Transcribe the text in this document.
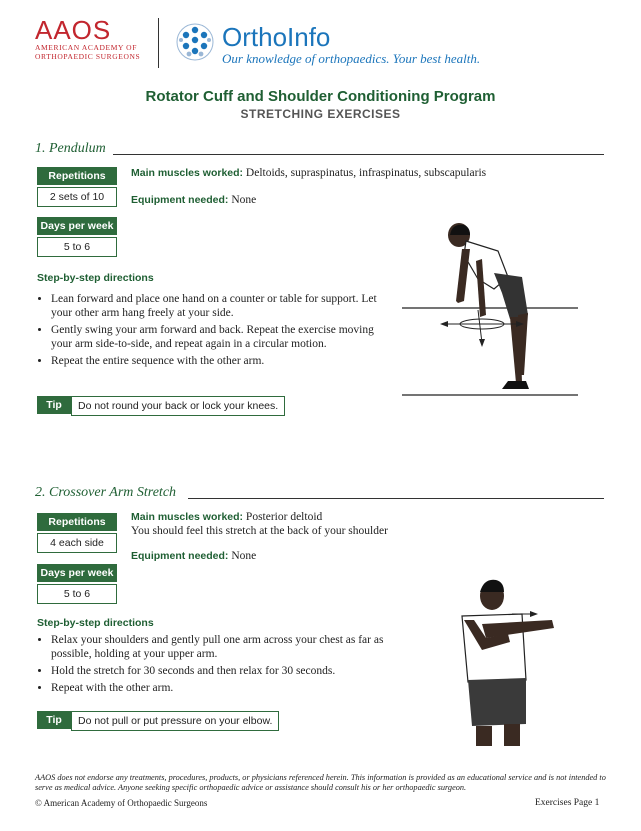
AAOS
AMERICAN ACADEMY OF
ORTHOPAEDIC SURGEONS
OrthoInfo
Our knowledge of orthopaedics. Your best health.
Rotator Cuff and Shoulder Conditioning Program
STRETCHING EXERCISES
1. Pendulum
Repetitions
2 sets of 10
Days per week
5 to 6
Main muscles worked: Deltoids, supraspinatus, infraspinatus, subscapularis
Equipment needed: None
Step-by-step directions
• Lean forward and place one hand on a counter or table for support. Let your other arm hang freely at your side.
• Gently swing your arm forward and back. Repeat the exercise moving your arm side-to-side, and repeat again in a circular motion.
• Repeat the entire sequence with the other arm.
Tip	Do not round your back or lock your knees.
2. Crossover Arm Stretch
Repetitions
4 each side
Days per week
5 to 6
Main muscles worked: Posterior deltoid
You should feel this stretch at the back of your shoulder
Equipment needed: None
Step-by-step directions
• Relax your shoulders and gently pull one arm across your chest as far as possible, holding at your upper arm.
• Hold the stretch for 30 seconds and then relax for 30 seconds.
• Repeat with the other arm.
Tip	Do not pull or put pressure on your elbow.
AAOS does not endorse any treatments, procedures, products, or physicians referenced herein. This information is provided as an educational service and is not intended to serve as medical advice. Anyone seeking specific orthopaedic advice or assistance should consult his or her orthopaedic surgeon.
© American Academy of Orthopaedic Surgeons	Exercises Page 1
